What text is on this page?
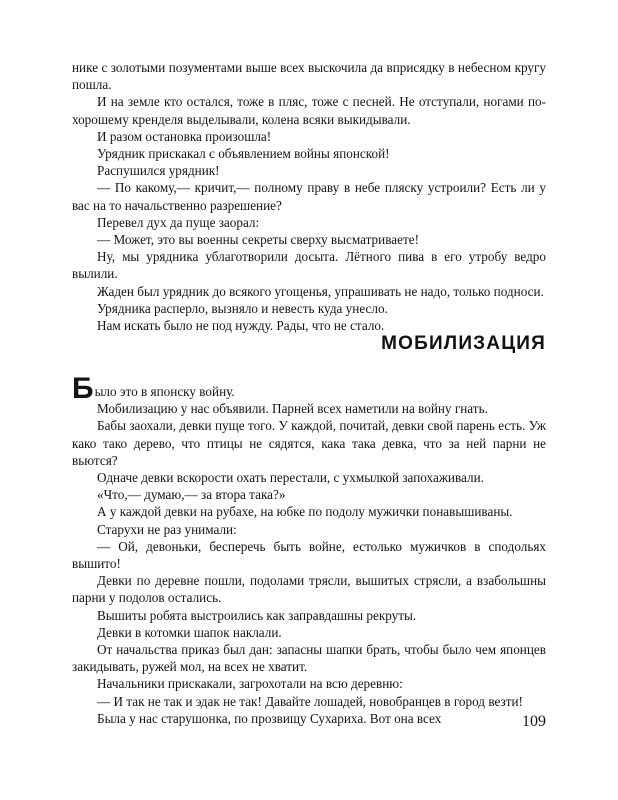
нике с золотыми позументами выше всех выскочила да вприсядку в небесном кругу пошла.

И на земле кто остался, тоже в пляс, тоже с песней. Не отступали, ногами по-хорошему кренделя выделывали, колена всяки выкидывали.

И разом остановка произошла!

Урядник прискакал с объявлением войны японской!

Распушился урядник!

— По какому,— кричит,— полному праву в небе пляску устроили? Есть ли у вас на то начальственно разрешение?

Перевел дух да пуще заорал:

— Может, это вы военны секреты сверху высматриваете!

Ну, мы урядника ублаготворили досыта. Лётного пива в его утробу ведро вылили.

Жаден был урядник до всякого угощенья, упрашивать не надо, только подноси.

Урядника расперло, вызняло и невесть куда унесло.

Нам искать было не под нужду. Рады, что не стало.

МОБИЛИЗАЦИЯ

Было это в японску войну.

Мобилизацию у нас объявили. Парней всех наметили на войну гнать.

Бабы заохали, девки пуще того. У каждой, почитай, девки свой парень есть. Уж како тако дерево, что птицы не сядятся, кака така девка, что за ней парни не вьются?

Одначе девки вскорости охать перестали, с ухмылкой запохаживали.

«Что,— думаю,— за втора така?»

А у каждой девки на рубахе, на юбке по подолу мужички понавышиваны.

Старухи не раз унимали:

— Ой, девоньки, бесперечь быть войне, естолько мужичков в сподольях вышито!

Девки по деревне пошли, подолами трясли, вышитых стрясли, а взабольшны парни у подолов остались.

Вышиты робята выстроились как заправдашны рекруты.

Девки в котомки шапок наклали.

От начальства приказ был дан: запасны шапки брать, чтобы было чем японцев закидывать, ружей мол, на всех не хватит.

Начальники прискакали, загрохотали на всю деревню:

— И так не так и эдак не так! Давайте лошадей, новобранцев в город везти!

Была у нас старушонка, по прозвищу Сухариха. Вот она всех	109
